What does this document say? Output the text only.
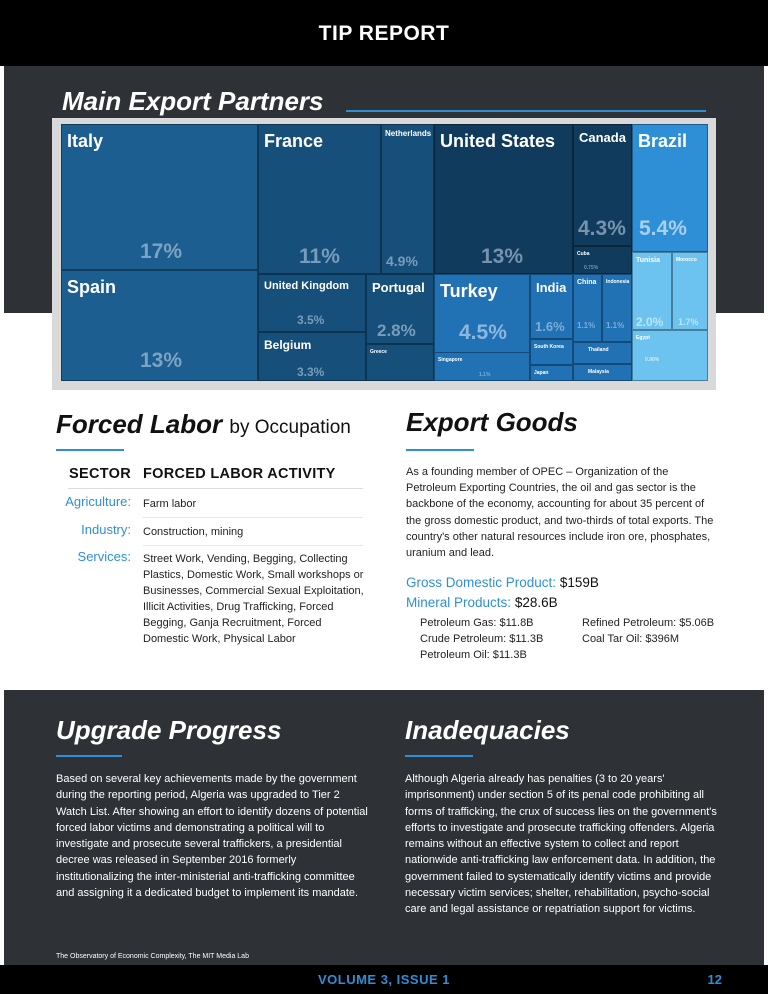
TIP REPORT
Main Export Partners
Italy
17%
France
11%
Netherlands
4.9%
United States
13%
Canada
4.3%
Cuba
0.75%
Brazil
5.4%
Spain
13%
United Kingdom
3.5%
Belgium
3.3%
Portugal
2.8%
Greece
Turkey
4.5%
Singapore
1.1%
India
1.6%
South Korea
Japan
China
1.1%
Indonesia
1.1%
Thailand
Malaysia
Tunisia
2.0%
Morocco
1.7%
Egypt
0.90%
Forced Labor by Occupation
SECTOR FORCED LABOR ACTIVITY
Agriculture: Farm labor
Industry: Construction, mining
Services: Street Work, Vending, Begging, Collecting Plastics, Domestic Work, Small workshops or Businesses, Commercial Sexual Exploitation, Illicit Activities, Drug Trafficking, Forced Begging, Ganja Recruitment, Forced Domestic Work, Physical Labor
Export Goods
As a founding member of OPEC – Organization of the Petroleum Exporting Countries, the oil and gas sector is the backbone of the economy, accounting for about 35 percent of the gross domestic product, and two-thirds of total exports. The country's other natural resources include iron ore, phosphates, uranium and lead.
Gross Domestic Product: $159B
Mineral Products: $28.6B
Petroleum Gas: $11.8B
Crude Petroleum: $11.3B
Petroleum Oil: $11.3B
Refined Petroleum: $5.06B
Coal Tar Oil: $396M
Upgrade Progress
Based on several key achievements made by the government during the reporting period, Algeria was upgraded to Tier 2 Watch List. After showing an effort to identify dozens of potential forced labor victims and demonstrating a political will to investigate and prosecute several traffickers, a presidential decree was released in September 2016 formerly institutionalizing the inter-ministerial anti-trafficking committee and assigning it a dedicated budget to implement its mandate.
Inadequacies
Although Algeria already has penalties (3 to 20 years' imprisonment) under section 5 of its penal code prohibiting all forms of trafficking, the crux of success lies on the government's efforts to investigate and prosecute trafficking offenders. Algeria remains without an effective system to collect and report nationwide anti-trafficking law enforcement data. In addition, the government failed to systematically identify victims and provide necessary victim services; shelter, rehabilitation, psycho-social care and legal assistance or repatriation support for victims.
The Observatory of Economic Complexity, The MIT Media Lab
VOLUME 3, ISSUE 1	12
